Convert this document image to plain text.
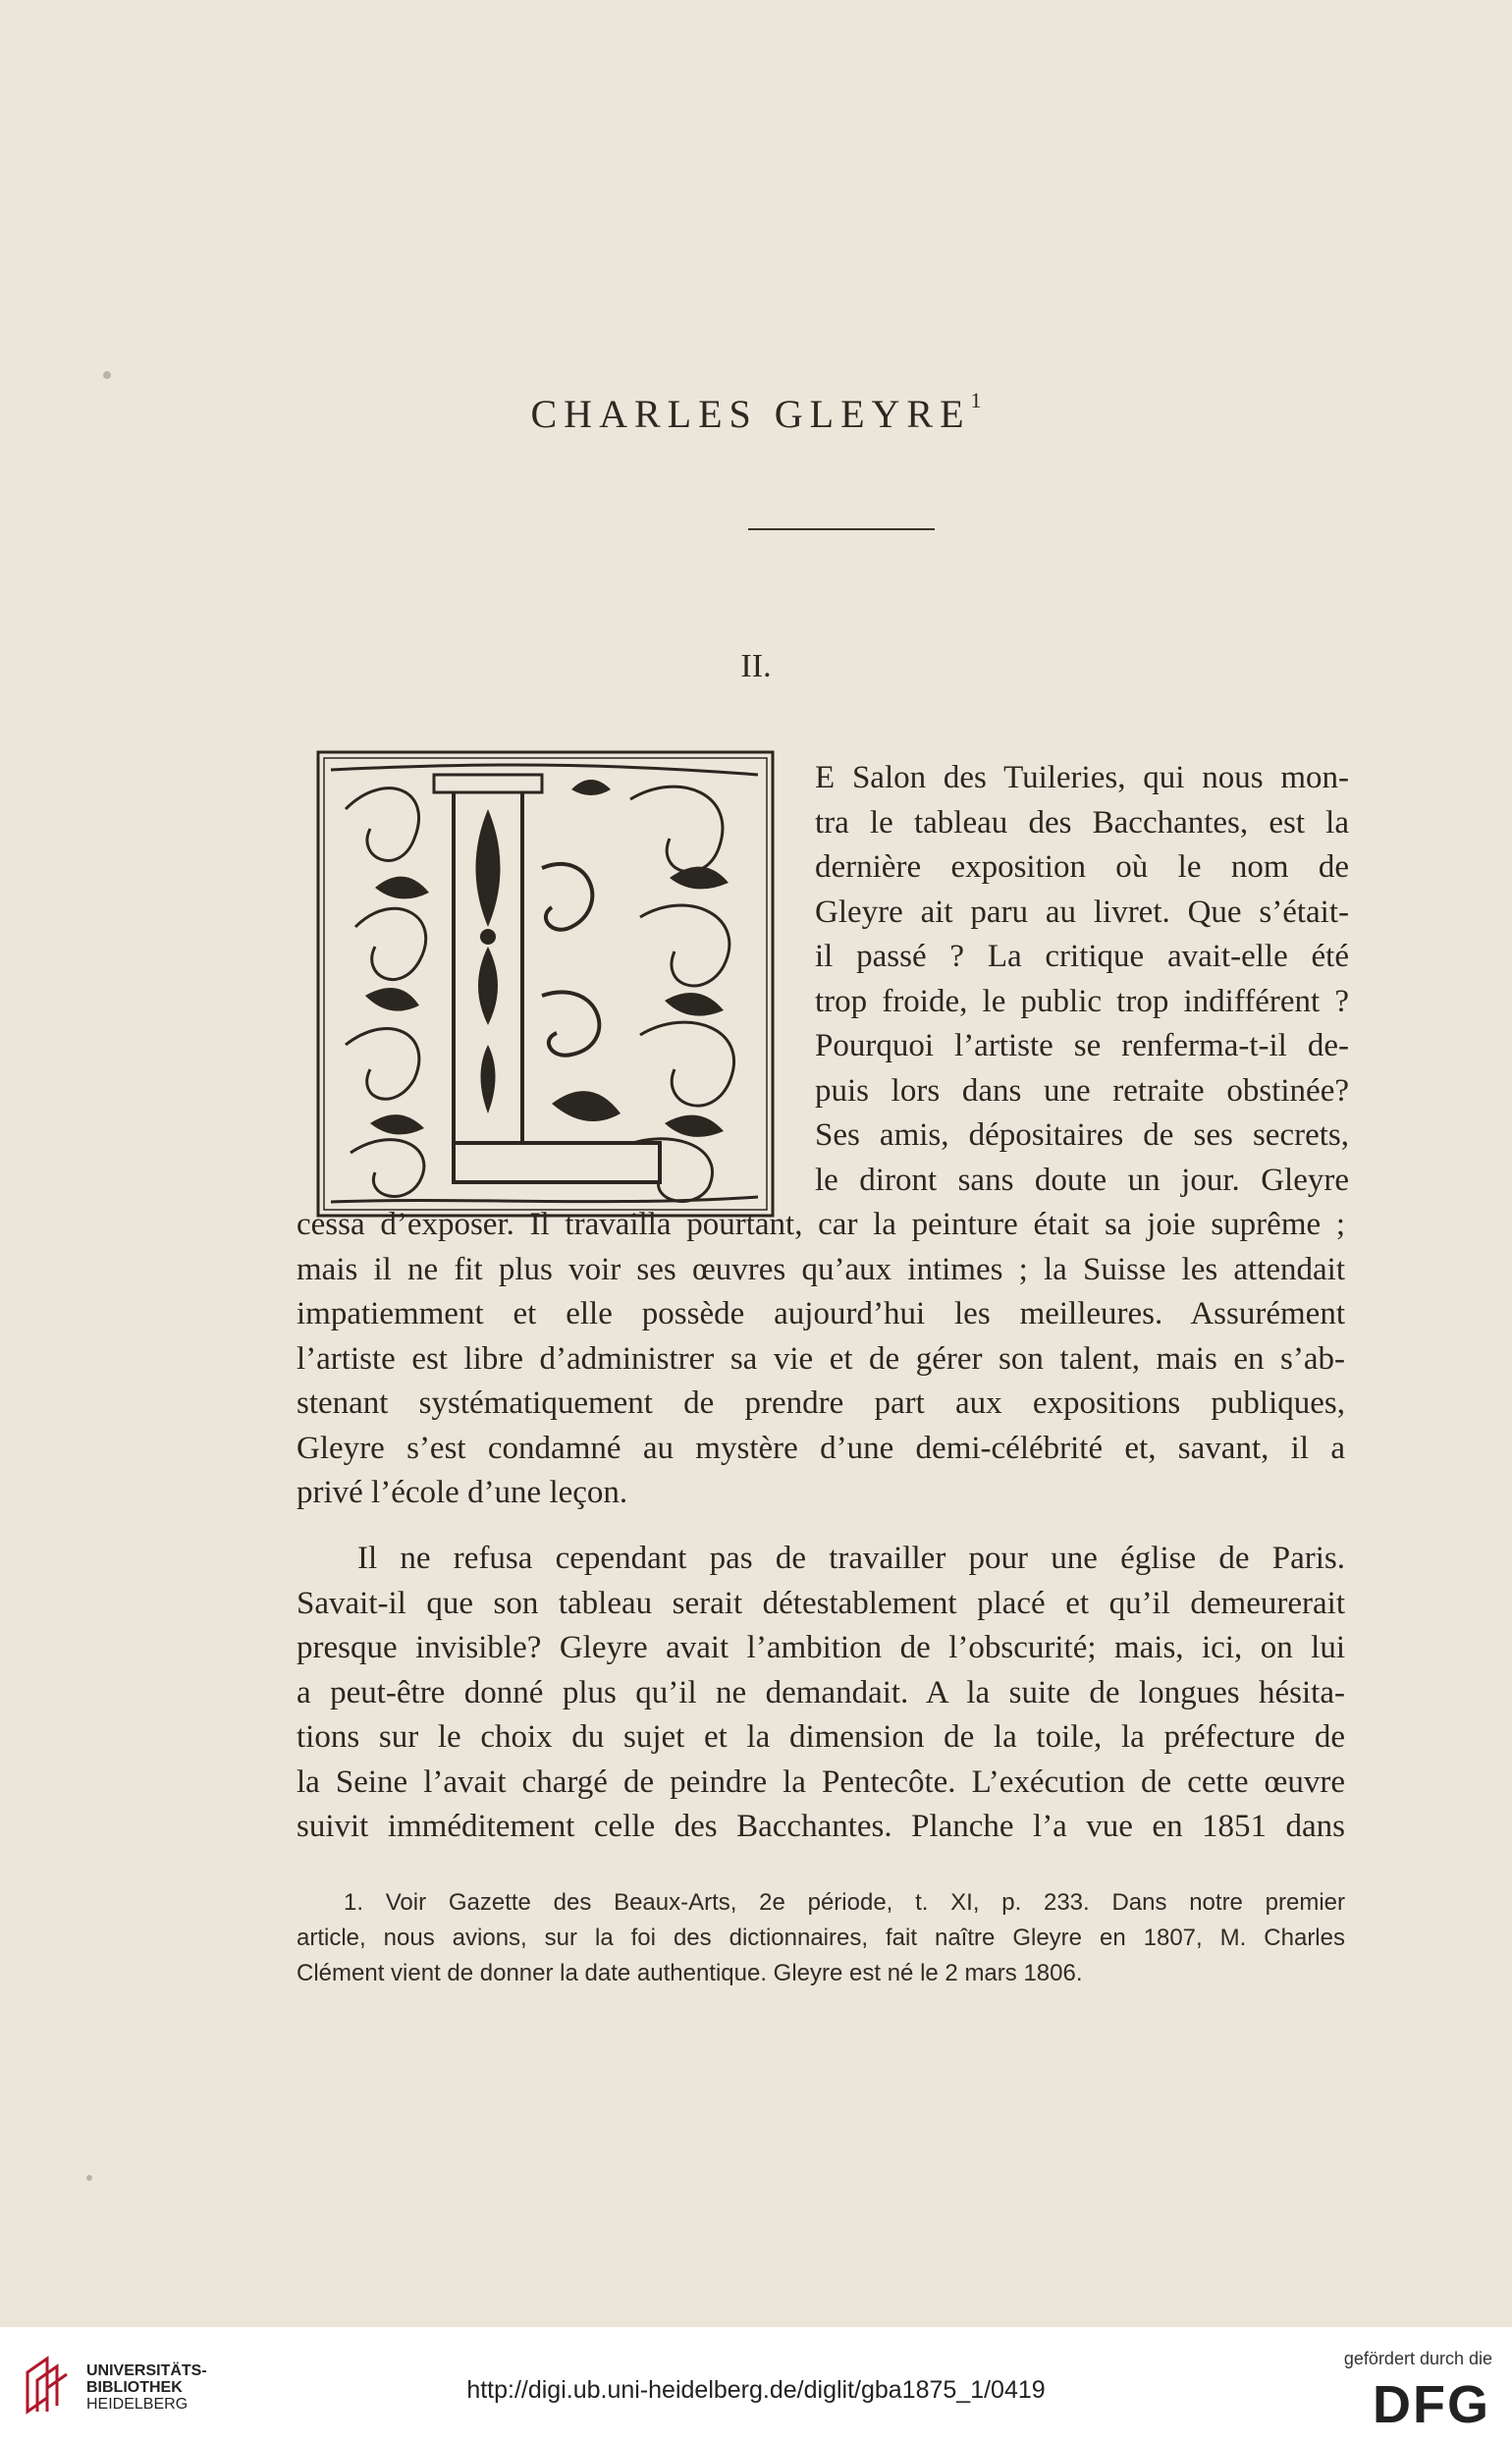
CHARLES GLEYRE$^1$
II.
E Salon des Tuileries, qui nous mon-
tra le tableau des Bacchantes, est la
dernière exposition où le nom de
Gleyre ait paru au livret. Que s’était-
il passé ? La critique avait-elle été
trop froide, le public trop indifférent ?
Pourquoi l’artiste se renferma-t-il de-
puis lors dans une retraite obstinée?
Ses amis, dépositaires de ses secrets,
le diront sans doute un jour. Gleyre
cessa d’exposer. Il travailla pourtant, car la peinture était sa joie suprême ;
mais il ne fit plus voir ses œuvres qu’aux intimes ; la Suisse les attendait
impatiemment et elle possède aujourd’hui les meilleures. Assurément
l’artiste est libre d’administrer sa vie et de gérer son talent, mais en s’ab-
stenant systématiquement de prendre part aux expositions publiques,
Gleyre s’est condamné au mystère d’une demi-célébrité et, savant, il a
privé l’école d’une leçon.
Il ne refusa cependant pas de travailler pour une église de Paris.
Savait-il que son tableau serait détestablement placé et qu’il demeurerait
presque invisible? Gleyre avait l’ambition de l’obscurité; mais, ici, on lui
a peut-être donné plus qu’il ne demandait. A la suite de longues hésita-
tions sur le choix du sujet et la dimension de la toile, la préfecture de
la Seine l’avait chargé de peindre la Pentecôte. L’exécution de cette œuvre
suivit imméditement celle des Bacchantes. Planche l’a vue en 1851 dans
1. Voir Gazette des Beaux-Arts, 2e période, t. XI, p. 233. Dans notre premier
article, nous avions, sur la foi des dictionnaires, fait naître Gleyre en 1807, M. Charles
Clément vient de donner la date authentique. Gleyre est né le 2 mars 1806.
UNIVERSITÄTS-
BIBLIOTHEK
HEIDELBERG
http://digi.ub.uni-heidelberg.de/diglit/gba1875_1/0419
gefördert durch die
DFG
